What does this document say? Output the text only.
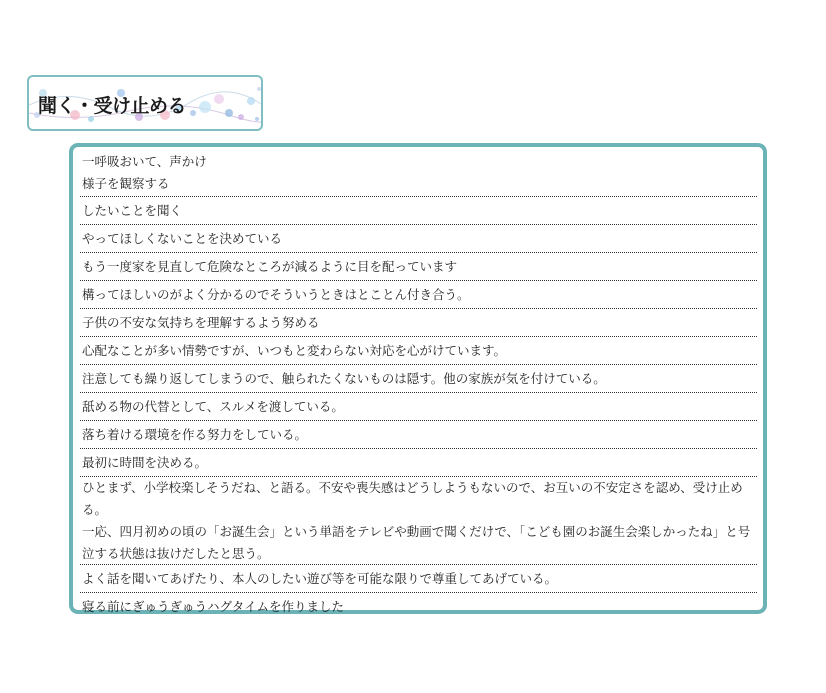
聞く・受け止める
一呼吸おいて、声かけ
様子を観察する
したいことを聞く
やってほしくないことを決めている
もう一度家を見直して危険なところが減るように目を配っています
構ってほしいのがよく分かるのでそういうときはとことん付き合う。
子供の不安な気持ちを理解するよう努める
心配なことが多い情勢ですが、いつもと変わらない対応を心がけています。
注意しても繰り返してしまうので、触られたくないものは隠す。他の家族が気を付けている。
舐める物の代替として、スルメを渡している。
落ち着ける環境を作る努力をしている。
最初に時間を決める。
ひとまず、小学校楽しそうだね、と語る。不安や喪失感はどうしようもないので、お互いの不安定さを認め、受け止める。
一応、四月初めの頃の「お誕生会」という単語をテレビや動画で聞くだけで、「こども園のお誕生会楽しかったね」と号泣する状態は抜けだしたと思う。
よく話を聞いてあげたり、本人のしたい遊び等を可能な限りで尊重してあげている。
寝る前にぎゅうぎゅうハグタイムを作りました
